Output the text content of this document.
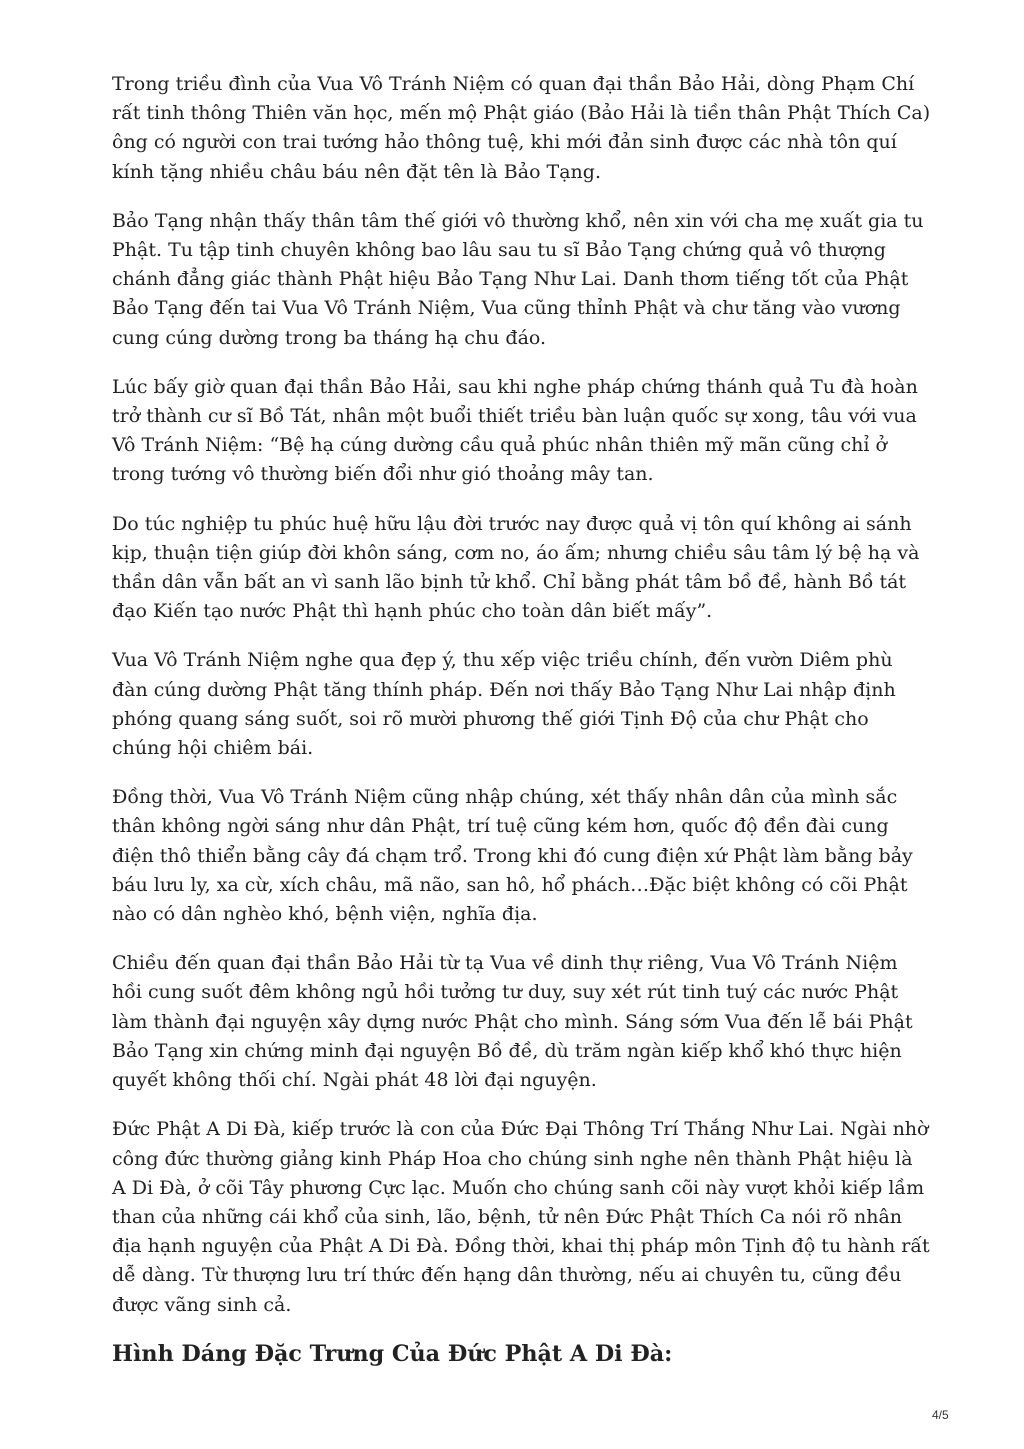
Trong triều đình của Vua Vô Tránh Niệm có quan đại thần Bảo Hải, dòng Phạm Chí rất tinh thông Thiên văn học, mến mộ Phật giáo (Bảo Hải là tiền thân Phật Thích Ca) ông có người con trai tướng hảo thông tuệ, khi mới đản sinh được các nhà tôn quí kính tặng nhiều châu báu nên đặt tên là Bảo Tạng.

Bảo Tạng nhận thấy thân tâm thế giới vô thường khổ, nên xin với cha mẹ xuất gia tu Phật. Tu tập tinh chuyên không bao lâu sau tu sĩ Bảo Tạng chứng quả vô thượng chánh đẳng giác thành Phật hiệu Bảo Tạng Như Lai. Danh thơm tiếng tốt của Phật Bảo Tạng đến tai Vua Vô Tránh Niệm, Vua cũng thỉnh Phật và chư tăng vào vương cung cúng dường trong ba tháng hạ chu đáo.

Lúc bấy giờ quan đại thần Bảo Hải, sau khi nghe pháp chứng thánh quả Tu đà hoàn trở thành cư sĩ Bồ Tát, nhân một buổi thiết triều bàn luận quốc sự xong, tâu với vua Vô Tránh Niệm: “Bệ hạ cúng dường cầu quả phúc nhân thiên mỹ mãn cũng chỉ ở trong tướng vô thường biến đổi như gió thoảng mây tan.

Do túc nghiệp tu phúc huệ hữu lậu đời trước nay được quả vị tôn quí không ai sánh kịp, thuận tiện giúp đời khôn sáng, cơm no, áo ấm; nhưng chiều sâu tâm lý bệ hạ và thần dân vẫn bất an vì sanh lão bịnh tử khổ. Chỉ bằng phát tâm bồ đề, hành Bồ tát đạo Kiến tạo nước Phật thì hạnh phúc cho toàn dân biết mấy”.

Vua Vô Tránh Niệm nghe qua đẹp ý, thu xếp việc triều chính, đến vườn Diêm phù đàn cúng dường Phật tăng thính pháp. Đến nơi thấy Bảo Tạng Như Lai nhập định phóng quang sáng suốt, soi rõ mười phương thế giới Tịnh Độ của chư Phật cho chúng hội chiêm bái.

Đồng thời, Vua Vô Tránh Niệm cũng nhập chúng, xét thấy nhân dân của mình sắc thân không ngời sáng như dân Phật, trí tuệ cũng kém hơn, quốc độ đền đài cung điện thô thiển bằng cây đá chạm trổ. Trong khi đó cung điện xứ Phật làm bằng bảy báu lưu ly, xa cừ, xích châu, mã não, san hô, hổ phách…Đặc biệt không có cõi Phật nào có dân nghèo khó, bệnh viện, nghĩa địa.

Chiều đến quan đại thần Bảo Hải từ tạ Vua về dinh thự riêng, Vua Vô Tránh Niệm hồi cung suốt đêm không ngủ hồi tưởng tư duy, suy xét rút tinh tuý các nước Phật làm thành đại nguyện xây dựng nước Phật cho mình. Sáng sớm Vua đến lễ bái Phật Bảo Tạng xin chứng minh đại nguyện Bồ đề, dù trăm ngàn kiếp khổ khó thực hiện quyết không thối chí. Ngài phát 48 lời đại nguyện.

Đức Phật A Di Đà, kiếp trước là con của Đức Đại Thông Trí Thắng Như Lai. Ngài nhờ công đức thường giảng kinh Pháp Hoa cho chúng sinh nghe nên thành Phật hiệu là A Di Đà, ở cõi Tây phương Cực lạc. Muốn cho chúng sanh cõi này vượt khỏi kiếp lầm than của những cái khổ của sinh, lão, bệnh, tử nên Đức Phật Thích Ca nói rõ nhân địa hạnh nguyện của Phật A Di Đà. Đồng thời, khai thị pháp môn Tịnh độ tu hành rất dễ dàng. Từ thượng lưu trí thức đến hạng dân thường, nếu ai chuyên tu, cũng đều được vãng sinh cả.

Hình Dáng Đặc Trưng Của Đức Phật A Di Đà:
4/5
